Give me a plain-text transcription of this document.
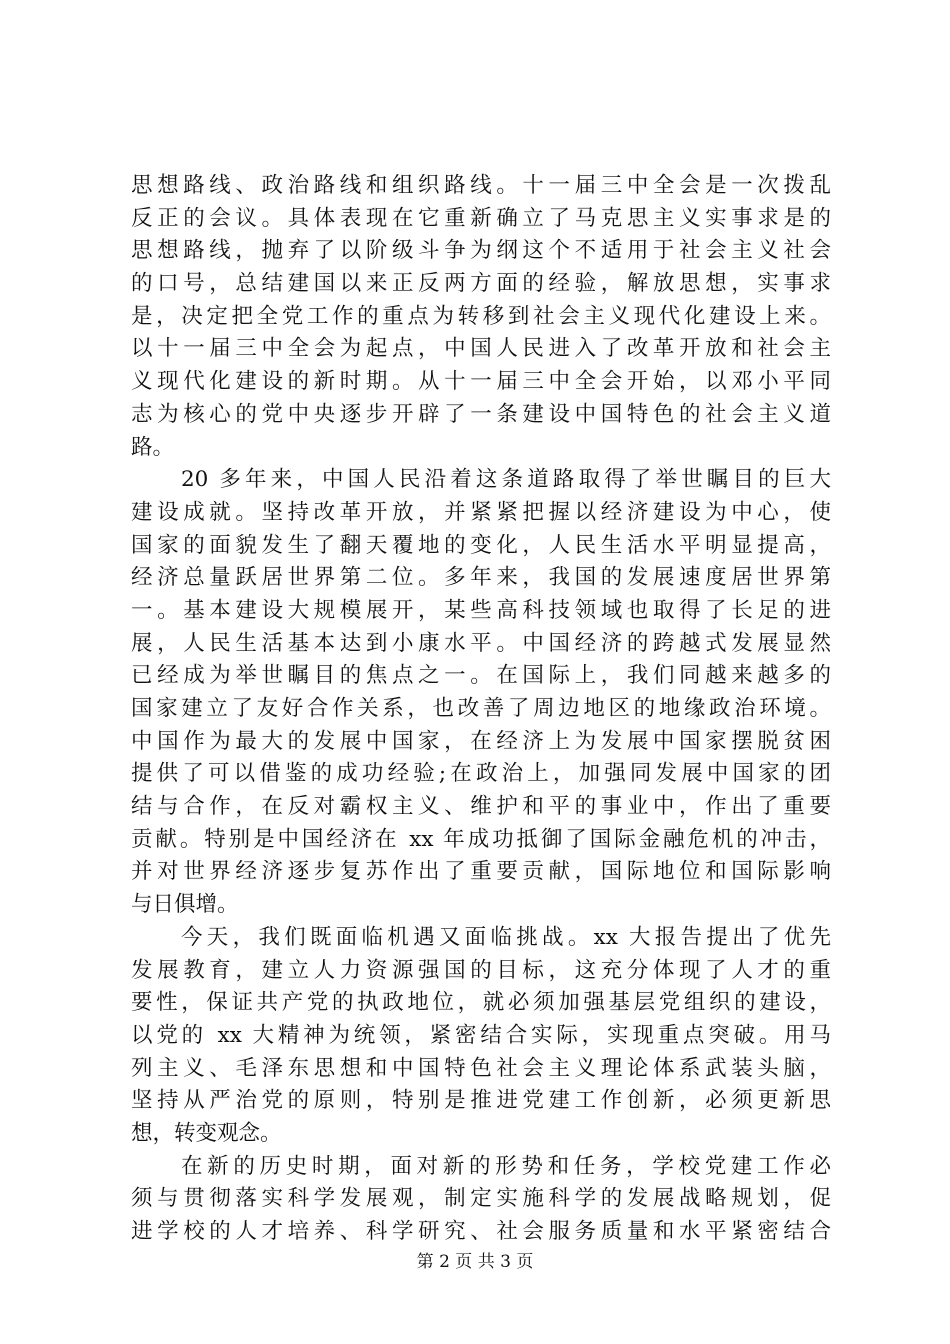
思想路线、政治路线和组织路线。十一届三中全会是一次拨乱
反正的会议。具体表现在它重新确立了马克思主义实事求是的
思想路线，抛弃了以阶级斗争为纲这个不适用于社会主义社会
的口号，总结建国以来正反两方面的经验，解放思想，实事求
是，决定把全党工作的重点为转移到社会主义现代化建设上来。
以十一届三中全会为起点，中国人民进入了改革开放和社会主
义现代化建设的新时期。从十一届三中全会开始，以邓小平同
志为核心的党中央逐步开辟了一条建设中国特色的社会主义道
路。
20 多年来，中国人民沿着这条道路取得了举世瞩目的巨大
建设成就。坚持改革开放，并紧紧把握以经济建设为中心，使
国家的面貌发生了翻天覆地的变化，人民生活水平明显提高，
经济总量跃居世界第二位。多年来，我国的发展速度居世界第
一。基本建设大规模展开，某些高科技领域也取得了长足的进
展，人民生活基本达到小康水平。中国经济的跨越式发展显然
已经成为举世瞩目的焦点之一。在国际上，我们同越来越多的
国家建立了友好合作关系，也改善了周边地区的地缘政治环境。
中国作为最大的发展中国家，在经济上为发展中国家摆脱贫困
提供了可以借鉴的成功经验;在政治上，加强同发展中国家的团
结与合作，在反对霸权主义、维护和平的事业中，作出了重要
贡献。特别是中国经济在 xx 年成功抵御了国际金融危机的冲击，
并对世界经济逐步复苏作出了重要贡献，国际地位和国际影响
与日俱增。
今天，我们既面临机遇又面临挑战。xx 大报告提出了优先
发展教育，建立人力资源强国的目标，这充分体现了人才的重
要性，保证共产党的执政地位，就必须加强基层党组织的建设，
以党的 xx 大精神为统领，紧密结合实际，实现重点突破。用马
列主义、毛泽东思想和中国特色社会主义理论体系武装头脑，
坚持从严治党的原则，特别是推进党建工作创新，必须更新思
想，转变观念。
在新的历史时期，面对新的形势和任务，学校党建工作必
须与贯彻落实科学发展观，制定实施科学的发展战略规划，促
进学校的人才培养、科学研究、社会服务质量和水平紧密结合
第 2 页 共 3 页
